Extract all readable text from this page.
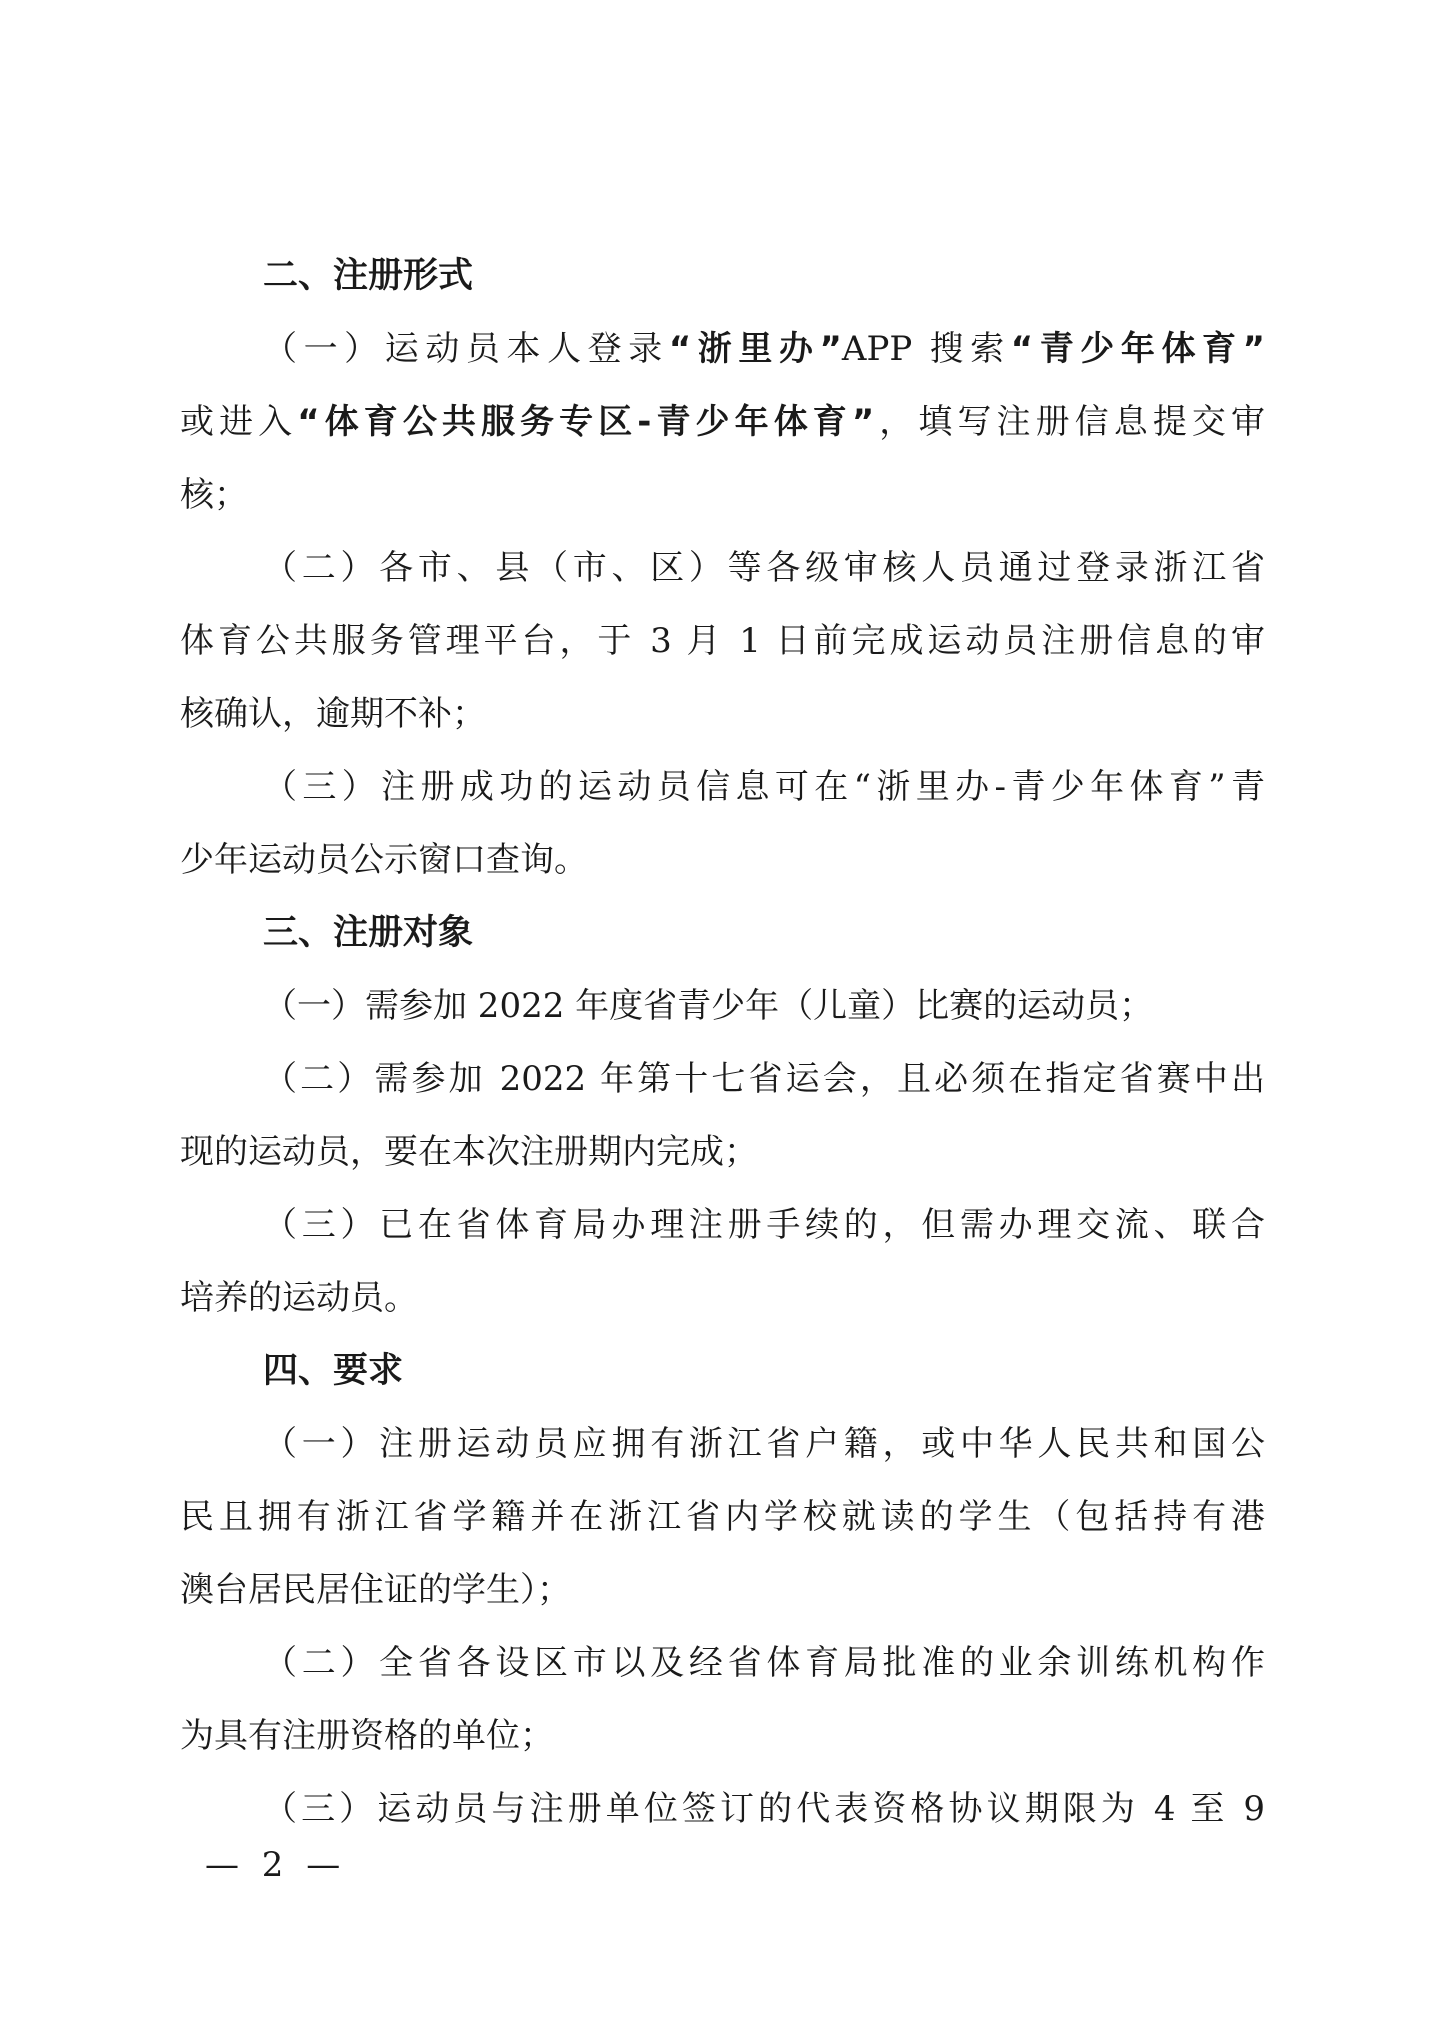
二、注册形式
（一）运动员本人登录“浙里办”APP 搜索“青少年体育”
或进入“体育公共服务专区-青少年体育”，填写注册信息提交审
核；
（二）各市、县（市、区）等各级审核人员通过登录浙江省
体育公共服务管理平台，于 3 月 1 日前完成运动员注册信息的审
核确认，逾期不补；
（三）注册成功的运动员信息可在“浙里办-青少年体育”青
少年运动员公示窗口查询。
三、注册对象
（一）需参加 2022 年度省青少年（儿童）比赛的运动员；
（二）需参加 2022 年第十七省运会，且必须在指定省赛中出
现的运动员，要在本次注册期内完成；
（三）已在省体育局办理注册手续的，但需办理交流、联合
培养的运动员。
四、要求
（一）注册运动员应拥有浙江省户籍，或中华人民共和国公
民且拥有浙江省学籍并在浙江省内学校就读的学生（包括持有港
澳台居民居住证的学生）；
（二）全省各设区市以及经省体育局批准的业余训练机构作
为具有注册资格的单位；
（三）运动员与注册单位签订的代表资格协议期限为 4 至 9
— 2 —
